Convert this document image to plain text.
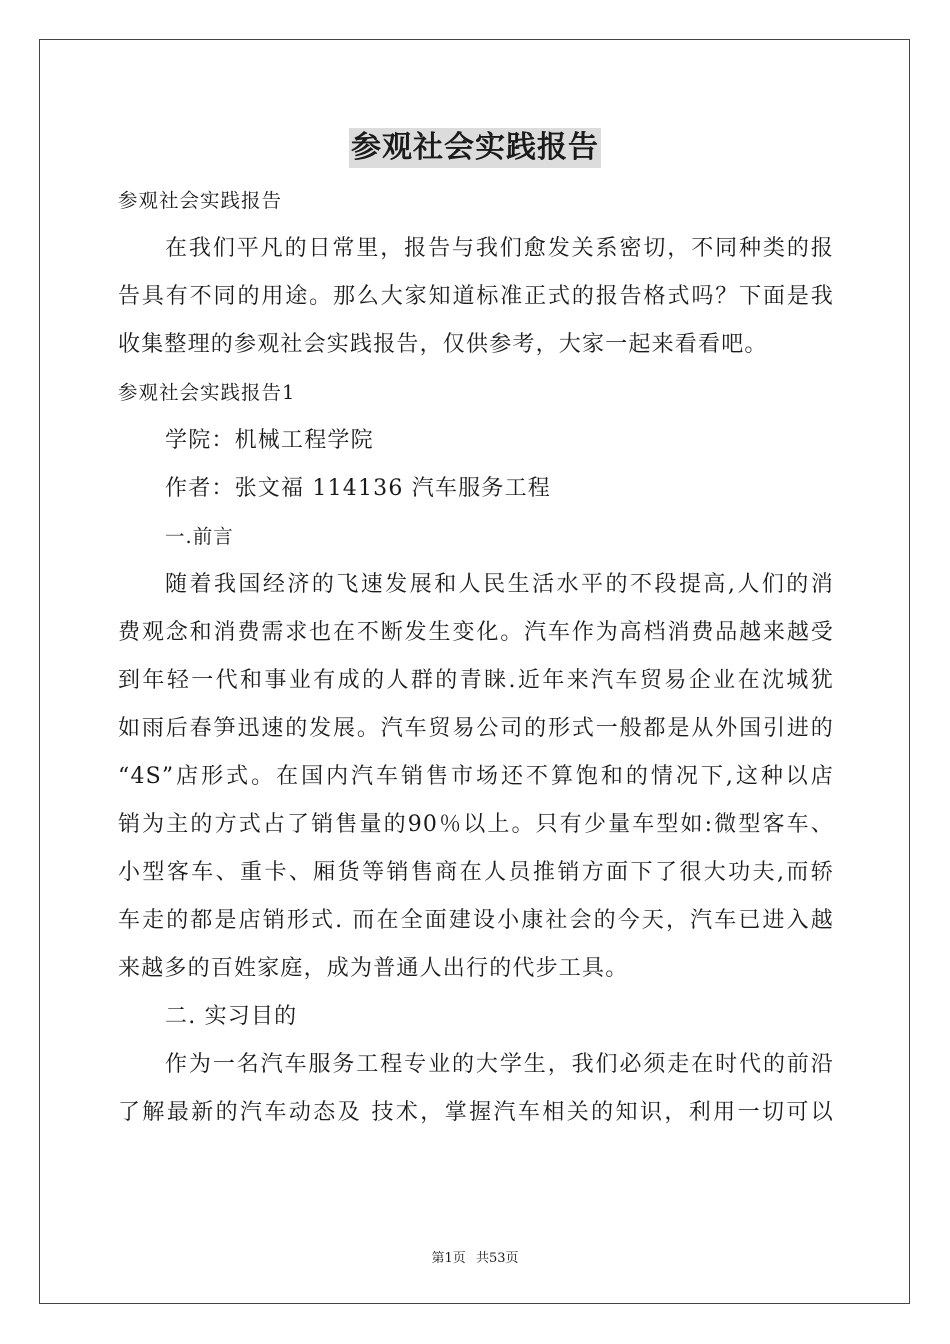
参观社会实践报告
参观社会实践报告
在我们平凡的日常里，报告与我们愈发关系密切，不同种类的报
告具有不同的用途。那么大家知道标准正式的报告格式吗？下面是我
收集整理的参观社会实践报告，仅供参考，大家一起来看看吧。
参观社会实践报告1
学院：机械工程学院
作者：张文福 114136 汽车服务工程
一.前言
随着我国经济的飞速发展和人民生活水平的不段提高,人们的消
费观念和消费需求也在不断发生变化。汽车作为高档消费品越来越受
到年轻一代和事业有成的人群的青睐.近年来汽车贸易企业在沈城犹
如雨后春笋迅速的发展。汽车贸易公司的形式一般都是从外国引进的
“4S”店形式。在国内汽车销售市场还不算饱和的情况下,这种以店
销为主的方式占了销售量的90％以上。只有少量车型如:微型客车、
小型客车、重卡、厢货等销售商在人员推销方面下了很大功夫,而轿
车走的都是店销形式. 而在全面建设小康社会的今天，汽车已进入越
来越多的百姓家庭，成为普通人出行的代步工具。
二. 实习目的
作为一名汽车服务工程专业的大学生，我们必须走在时代的前沿
了解最新的汽车动态及 技术，掌握汽车相关的知识，利用一切可以
第1页 共53页
